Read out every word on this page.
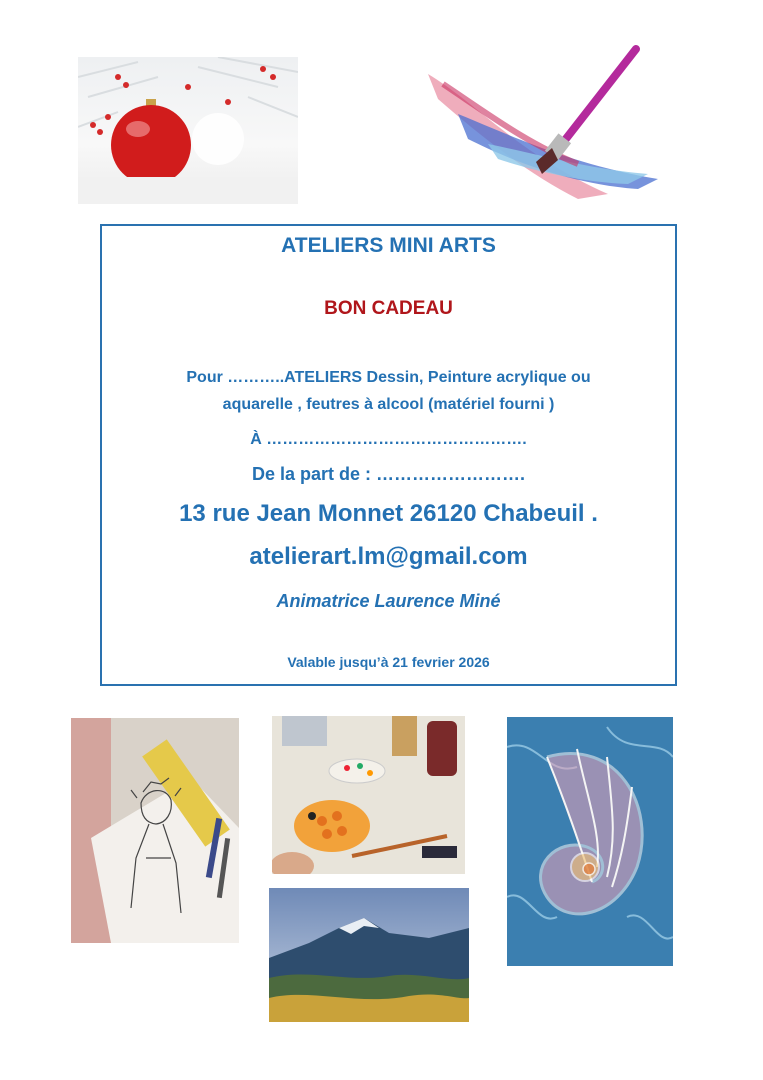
ATELIERS MINI ARTS
BON CADEAU
Pour ………..ATELIERS Dessin, Peinture acrylique ou
aquarelle , feutres à alcool (matériel fourni )
À ………………………………………….
De la part de : …………………….
13 rue Jean Monnet 26120 Chabeuil .
atelierart.lm@gmail.com
Animatrice Laurence Miné
Valable jusqu’à 21 fevrier 2026
